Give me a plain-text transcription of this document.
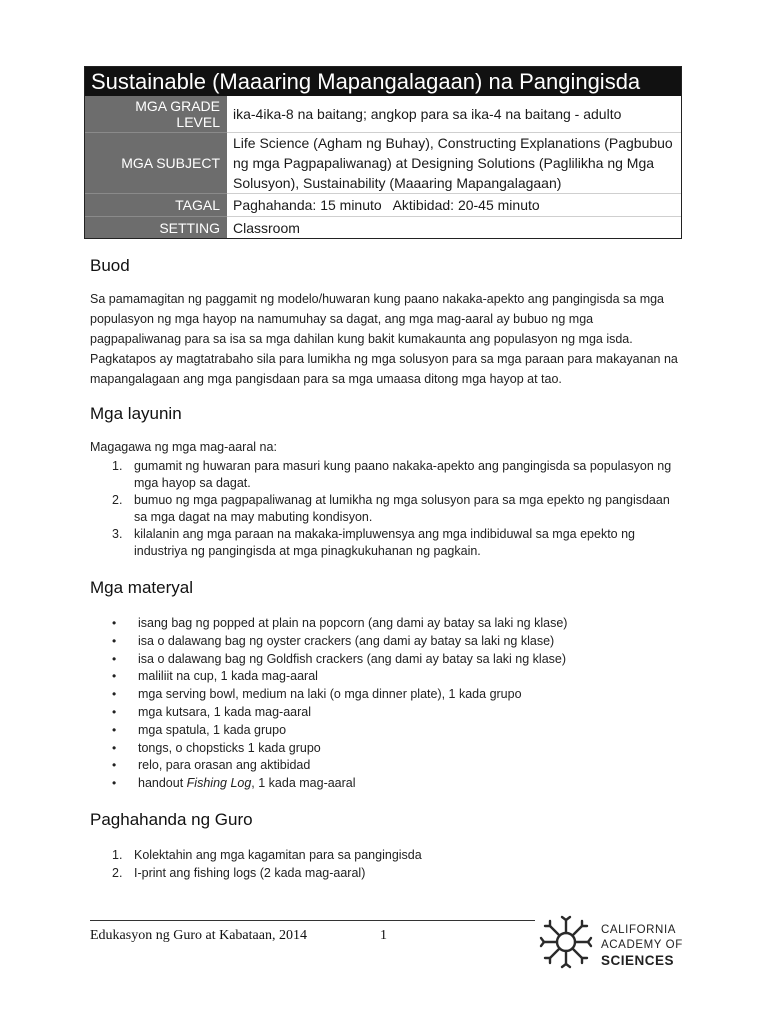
Sustainable (Maaaring Mapangalagaan) na Pangingisda
MGA GRADE
LEVEL ika-4ika-8 na baitang; angkop para sa ika-4 na baitang - adulto
MGA SUBJECT
Life Science (Agham ng Buhay), Constructing Explanations (Pagbubuo ng mga Pagpapaliwanag) at Designing Solutions (Paglilikha ng Mga Solusyon), Sustainability (Maaaring Mapangalagaan)
TAGAL Paghahanda: 15 minuto   Aktibidad: 20-45 minuto
SETTING Classroom
Buod
Sa pamamagitan ng paggamit ng modelo/huwaran kung paano nakaka-apekto ang pangingisda sa mga populasyon ng mga hayop na namumuhay sa dagat, ang mga mag-aaral ay bubuo ng mga pagpapaliwanag para sa isa sa mga dahilan kung bakit kumakaunta ang populasyon ng mga isda. Pagkatapos ay magtatrabaho sila para lumikha ng mga solusyon para sa mga paraan para makayanan na mapangalagaan ang mga pangisdaan para sa mga umaasa ditong mga hayop at tao.
Mga layunin
Magagawa ng mga mag-aaral na:
1. gumamit ng huwaran para masuri kung paano nakaka-apekto ang pangingisda sa populasyon ng mga hayop sa dagat.
2. bumuo ng mga pagpapaliwanag at lumikha ng mga solusyon para sa mga epekto ng pangisdaan sa mga dagat na may mabuting kondisyon.
3. kilalanin ang mga paraan na makaka-impluwensya ang mga indibiduwal sa mga epekto ng industriya ng pangingisda at mga pinagkukuhanan ng pagkain.
Mga materyal
• isang bag ng popped at plain na popcorn (ang dami ay batay sa laki ng klase)
• isa o dalawang bag ng oyster crackers (ang dami ay batay sa laki ng klase)
• isa o dalawang bag ng Goldfish crackers (ang dami ay batay sa laki ng klase)
• maliliit na cup, 1 kada mag-aaral
• mga serving bowl, medium na laki (o mga dinner plate), 1 kada grupo
• mga kutsara, 1 kada mag-aaral
• mga spatula, 1 kada grupo
• tongs, o chopsticks 1 kada grupo
• relo, para orasan ang aktibidad
• handout Fishing Log, 1 kada mag-aaral
Paghahanda ng Guro
1. Kolektahin ang mga kagamitan para sa pangingisda
2. I-print ang fishing logs (2 kada mag-aaral)
Edukasyon ng Guro at Kabataan, 2014	1	CALIFORNIA
ACADEMY OF
SCIENCES
